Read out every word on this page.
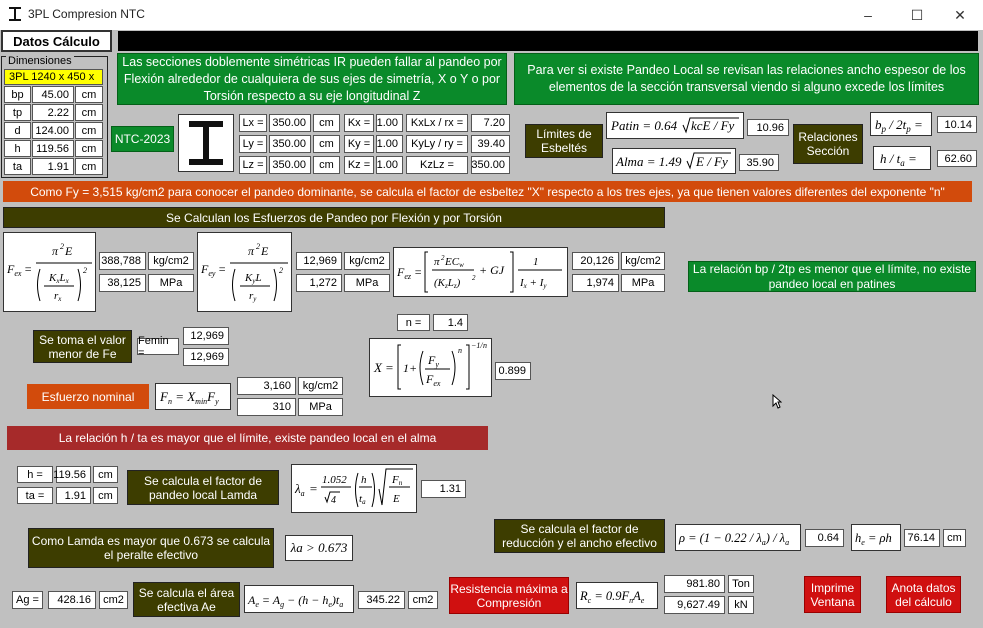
3PL Compresion NTC	–	☐	✕
Datos Cálculo
Dimensiones
3PL 1240 x 450 x
bp	45.00	cm
tp	2.22	cm
d	124.00	cm
h	119.56	cm
ta	1.91	cm
Las secciones doblemente simétricas IR pueden fallar al pandeo por Flexión alrededor de cualquiera de sus ejes de simetría, X o Y o por Torsión respecto a su eje longitudinal Z
Para ver si existe Pandeo Local se revisan las relaciones ancho espesor de los elementos de la sección transversal viendo si alguno excede los límites
NTC-2023
Lx = 350.00	cm
Ly = 350.00	cm
Lz = 350.00	cm
Kx = 1.00
Ky = 1.00
Kz = 1.00
KxLx / rx =	7.20
KyLy / ry =	39.40
KzLz =	350.00
Límites de Esbeltés
Patin = 0.64 kcE / Fy	10.96
Alma = 1.49 E / Fy	35.90
Relaciones Sección
$b_p / 2t_p$ =	10.14
h / $t_a$ =	62.60
Como Fy = 3,515 kg/cm2 para conocer el pandeo dominante, se calcula el factor de esbeltez "X" respecto a los tres ejes, ya que tienen valores diferentes del exponente "n"
Se Calculan los Esfuerzos de Pandeo por Flexión y por Torsión
$F_{ex}$ =
π 2 E
KxLx
rx
2
388,788	kg/cm2
38,125	MPa
$F_{ey}$ =
π 2 E
KyL
ry
2
12,969	kg/cm2
1,272	MPa
$F_{ez}$ =
π 2 ECw
(KzLz) 2
+ GJ
1
Ix + Iy
20,126	kg/cm2
1,974	MPa
La relación bp / 2tp es menor que el límite, no existe pandeo local en patines
Se toma el valor menor de Fe
Femin =
12,969
12,969
n =	1.4
X = 1+
$F_y$
$F_{ex}$
n
−1/ n
0.899
Esfuerzo nominal	$F_n = X_{min}F_y$
3,160	kg/cm2
310	MPa
La relación h / ta es mayor que el límite, existe pandeo local en el alma
h = 119.56	cm
ta =	1.91	cm
Se calcula el factor de pandeo local Lamda	$\lambda_a$ =
1.052
4
h
ta
Fn
E
1.31
Como Lamda es mayor que 0.673 se calcula el peralte efectivo	λa > 0.673
Se calcula el factor de reducción y el ancho efectivo	$\rho = (1 - 0.22 / \lambda_a) / \lambda_a$	0.64	$h_e = \rho h$	76.14	cm
Ag =	428.16	cm2
Se calcula el área efectiva Ae	$A_e = A_g - (h - h_e)t_a$	345.22	cm2
Resistencia máxima a Compresión	$R_c = 0.9F_nA_e$
981.80	Ton
9,627.49	kN
Imprime Ventana
Anota datos del cálculo
